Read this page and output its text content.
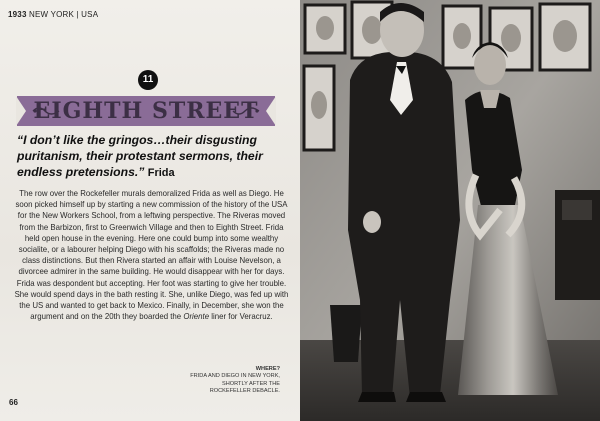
1933 NEW YORK | USA
11
EIGHTH STREET
“I don’t like the gringos…their disgusting puritanism, their protestant sermons, their endless pretensions.” Frida
The row over the Rockefeller murals demoralized Frida as well as Diego. He soon picked himself up by starting a new commission of the history of the USA for the New Workers School, from a leftwing perspective. The Riveras moved from the Barbizon, first to Greenwich Village and then to Eighth Street. Frida held open house in the evening. Here one could bump into some wealthy socialite, or a labourer helping Diego with his scaffolds; the Riveras made no class distinctions. But then Rivera started an affair with Louise Nevelson, a divorcee admirer in the same building. He would disappear with her for days. Frida was despondent but accepting. Her foot was starting to give her trouble. She would spend days in the bath resting it. She, unlike Diego, was fed up with the US and wanted to get back to Mexico. Finally, in December, she won the argument and on the 20th they boarded the Oriente liner for Veracruz.
WHERE?
FRIDA AND DIEGO IN NEW YORK,
SHORTLY AFTER THE
ROCKEFELLER DEBACLE.
66
